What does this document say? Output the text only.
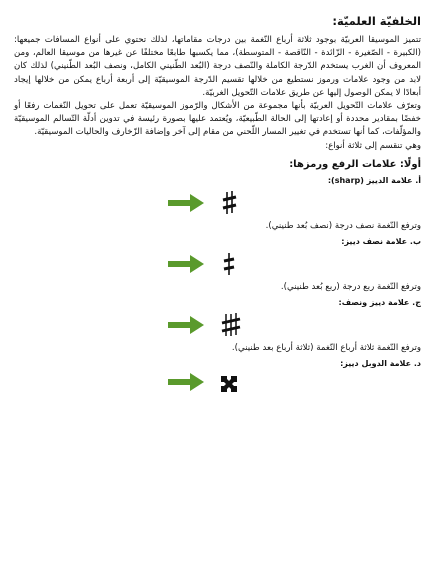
الخلفيّة العلميّة:

تتميز الموسيقا العربيّة بوجود ثلاثة أرباع النّغمة بين درجات مقاماتها، لذلك تحتوي على أنواع المسافات جميعها: (الكبيرة - الصّغيرة - الزّائدة - النّاقصة - المتوسطة)، مما يكسبها طابعًا مختلفًا عن غيرها من موسيقا العالم، ومن المعروف أن الغرب يستخدم الدّرجة الكاملة والنّصف درجة (البُعد الطّنيني الكامل، ونصف البُعد الطّنيني) لذلك كان لابد من وجود علامات ورموز نستطيع من خلالها تقسيم الدّرجة الموسيقيّة إلى أربعة أرباع يمكن من خلالها إيجاد أبعادًا لا يمكن الوصول إليها عن طريق علامات التّحويل الغربيّة.

وتعرّف علامات التّحويل العربيّة بأنها مجموعة من الأشكال والرّموز الموسيقيّة تعمل على تحويل النّغمات رفعًا أو خفضًا بمقادير محددة أو إعادتها إلى الحالة الطّبيعيّة، ويُعتمد عليها بصورة رئيسة في تدوين أدلّة التّسالم الموسيقيّة والمؤلّفات، كما أنها تستخدم في تغيير المسار اللّحني من مقام إلى آخر وإضافة الزّخارف والحاليات الموسيقيّة.

وهي تنقسم إلى ثلاثة أنواع:

أولًا: علامات الرفع ورمزها:
أ. علامة الدييز (sharp):
وترفع النّغمة نصف درجة (نصف بُعد طنيني).
ب. علامة نصف دييز:
وترفع النّغمة ربع درجة (ربع بُعد طنيني).
ج. علامة دييز ونصف:
وترفع النّغمة ثلاثة أرباع النّغمة (ثلاثة أرباع بعد طنيني).
د. علامة الدوبل دييز:
